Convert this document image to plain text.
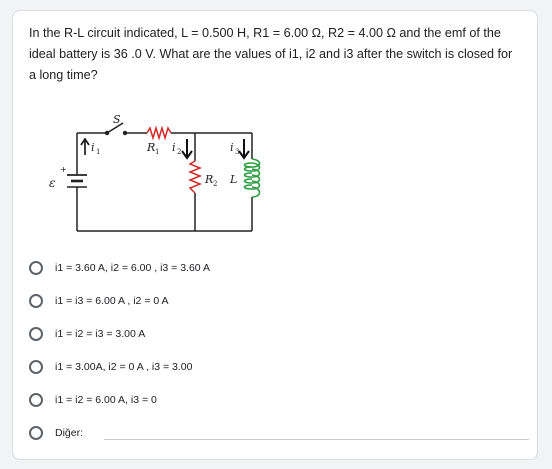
In the R-L circuit indicated, L = 0.500 H, R1 = 6.00 Ω, R2 = 4.00 Ω and the emf of the ideal battery is 36 .0 V. What are the values of i1, i2 and i3 after the switch is closed for a long time?
+
ε
S
i 1	R 1 i 2	i 3
R 2 L
i1 = 3.60 A, i2 = 6.00 , i3 = 3.60 A
i1 = i3 = 6.00 A , i2 = 0 A
i1 = i2 = i3 = 3.00 A
i1 = 3.00A, i2 = 0 A , i3 = 3.00
i1 = i2 = 6.00 A, i3 = 0
Diğer:
